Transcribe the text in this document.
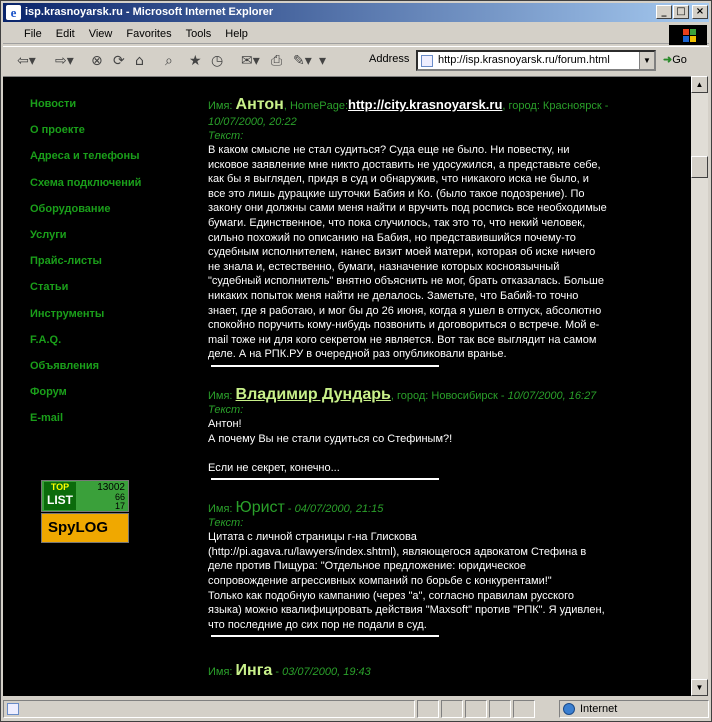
e isp.krasnoyarsk.ru - Microsoft Internet Explorer	_ □	×
File Edit View Favorites Tools Help
⇦▾ ⇨▾ ⊗ ⟳ ⌂ ⌕ ★ ◷ ✉▾ ⎙ ✎▾ ▾	Address	http://isp.krasnoyarsk.ru/forum.html	▼ ➜Go
Новости
О проекте
Адреса и телефоны
Схема подключений
Оборудование
Услуги
Прайс-листы
Статьи
Инструменты
F.A.Q.
Объявления
Форум
E-mail
TOP
LIST
13002
66
17
SpyLOG
Имя: Антон, HomePage:http://city.krasnoyarsk.ru, город: Красноярск - 10/07/2000, 20:22
Текст:
В каком смысле не стал судиться? Суда еще не было. Ни повестку, ни
исковое заявление мне никто доставить не удосужился, а представьте себе,
как бы я выглядел, придя в суд и обнаружив, что никакого иска не было, и
все это лишь дурацкие шуточки Бабия и Ко. (было такое подозрение). По
закону они должны сами меня найти и вручить под роспись все необходимые
бумаги. Единственное, что пока случилось, так это то, что некий человек,
сильно похожий по описанию на Бабия, но представившийся почему-то
судебным исполнителем, нанес визит моей матери, которая об иске ничего
не знала и, естественно, бумаги, назначение которых косноязычный
"судебный исполнитель" внятно объяснить не мог, брать отказалась. Больше
никаких попыток меня найти не делалось. Заметьте, что Бабий-то точно
знает, где я работаю, и мог бы до 26 июня, когда я ушел в отпуск, абсолютно
спокойно поручить кому-нибудь позвонить и договориться о встрече. Мой e-
mail тоже ни для кого секретом не является. Вот так все выглядит на самом
деле. А на РПК.РУ в очередной раз опубликовали вранье.
Имя: Владимир Дундарь, город: Новосибирск - 10/07/2000, 16:27
Текст:
Антон!
А почему Вы не стали судиться со Стефиным?!

Если не секрет, конечно...
Имя: Юрист - 04/07/2000, 21:15
Текст:
Цитата с личной страницы г-на Глискова
(http://pi.agava.ru/lawyers/index.shtml), являющегося адвокатом Стефина в
деле против Пищура: "Отдельное предложение: юридическое
сопровождение агрессивных компаний по борьбе с конкурентами!"
Только как подобную кампанию (через "а", согласно правилам русского
языка) можно квалифицировать действия "Maxsoft" против "РПК". Я удивлен,
что последние до сих пор не подали в суд.
Имя: Инга - 03/07/2000, 19:43
▲
▼
Internet
